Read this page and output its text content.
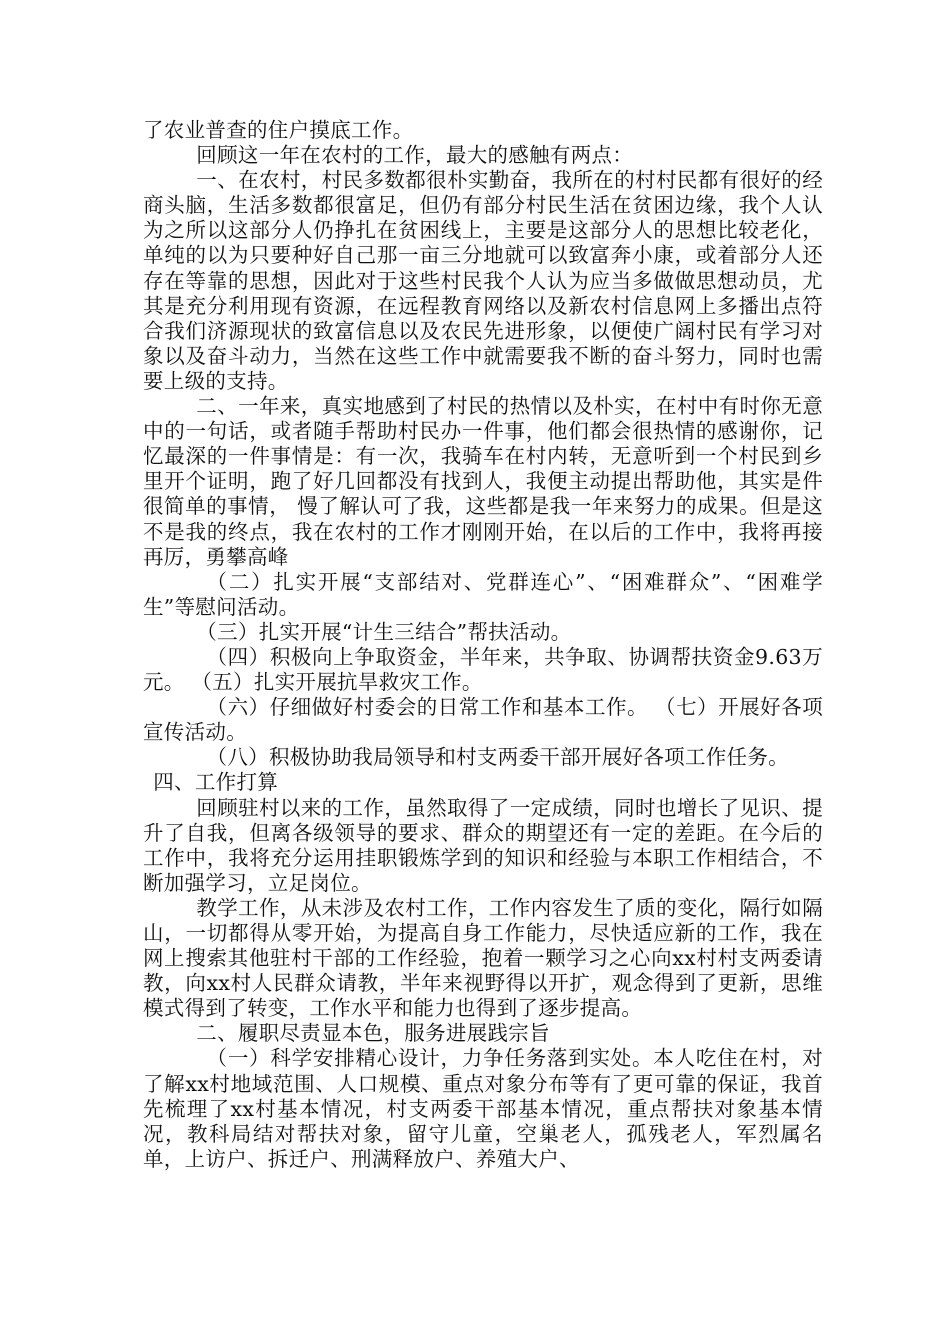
了农业普查的住户摸底工作。

回顾这一年在农村的工作，最大的感触有两点：

一、在农村，村民多数都很朴实勤奋，我所在的村村民都有很好的经商头脑，生活多数都很富足，但仍有部分村民生活在贫困边缘，我个人认为之所以这部分人仍挣扎在贫困线上，主要是这部分人的思想比较老化，单纯的以为只要种好自己那一亩三分地就可以致富奔小康，或着部分人还存在等靠的思想，因此对于这些村民我个人认为应当多做做思想动员，尤其是充分利用现有资源，在远程教育网络以及新农村信息网上多播出点符合我们济源现状的致富信息以及农民先进形象，以便使广阔村民有学习对象以及奋斗动力，当然在这些工作中就需要我不断的奋斗努力，同时也需要上级的支持。

二、一年来，真实地感到了村民的热情以及朴实，在村中有时你无意中的一句话，或者随手帮助村民办一件事，他们都会很热情的感谢你，记忆最深的一件事情是：有一次，我骑车在村内转，无意听到一个村民到乡里开个证明，跑了好几回都没有找到人，我便主动提出帮助他，其实是件很简单的事情， 慢了解认可了我，这些都是我一年来努力的成果。但是这不是我的终点，我在农村的工作才刚刚开始，在以后的工作中，我将再接再厉，勇攀高峰

（二）扎实开展“支部结对、党群连心”、“困难群众”、“困难学生”等慰问活动。

（三）扎实开展“计生三结合”帮扶活动。

（四）积极向上争取资金，半年来，共争取、协调帮扶资金9.63万元。 （五）扎实开展抗旱救灾工作。

（六）仔细做好村委会的日常工作和基本工作。 （七）开展好各项宣传活动。

（八）积极协助我局领导和村支两委干部开展好各项工作任务。

四、工作打算

回顾驻村以来的工作，虽然取得了一定成绩，同时也增长了见识、提升了自我，但离各级领导的要求、群众的期望还有一定的差距。在今后的工作中，我将充分运用挂职锻炼学到的知识和经验与本职工作相结合，不断加强学习，立足岗位。

教学工作，从未涉及农村工作，工作内容发生了质的变化，隔行如隔山，一切都得从零开始，为提高自身工作能力，尽快适应新的工作，我在网上搜索其他驻村干部的工作经验，抱着一颗学习之心向xx村村支两委请教，向xx村人民群众请教，半年来视野得以开扩，观念得到了更新，思维模式得到了转变，工作水平和能力也得到了逐步提高。

二、履职尽责显本色，服务进展践宗旨

（一）科学安排精心设计，力争任务落到实处。本人吃住在村，对了解xx村地域范围、人口规模、重点对象分布等有了更可靠的保证，我首先梳理了xx村基本情况，村支两委干部基本情况，重点帮扶对象基本情况，教科局结对帮扶对象，留守儿童，空巢老人，孤残老人，军烈属名单，上访户、拆迁户、刑满释放户、养殖大户、
